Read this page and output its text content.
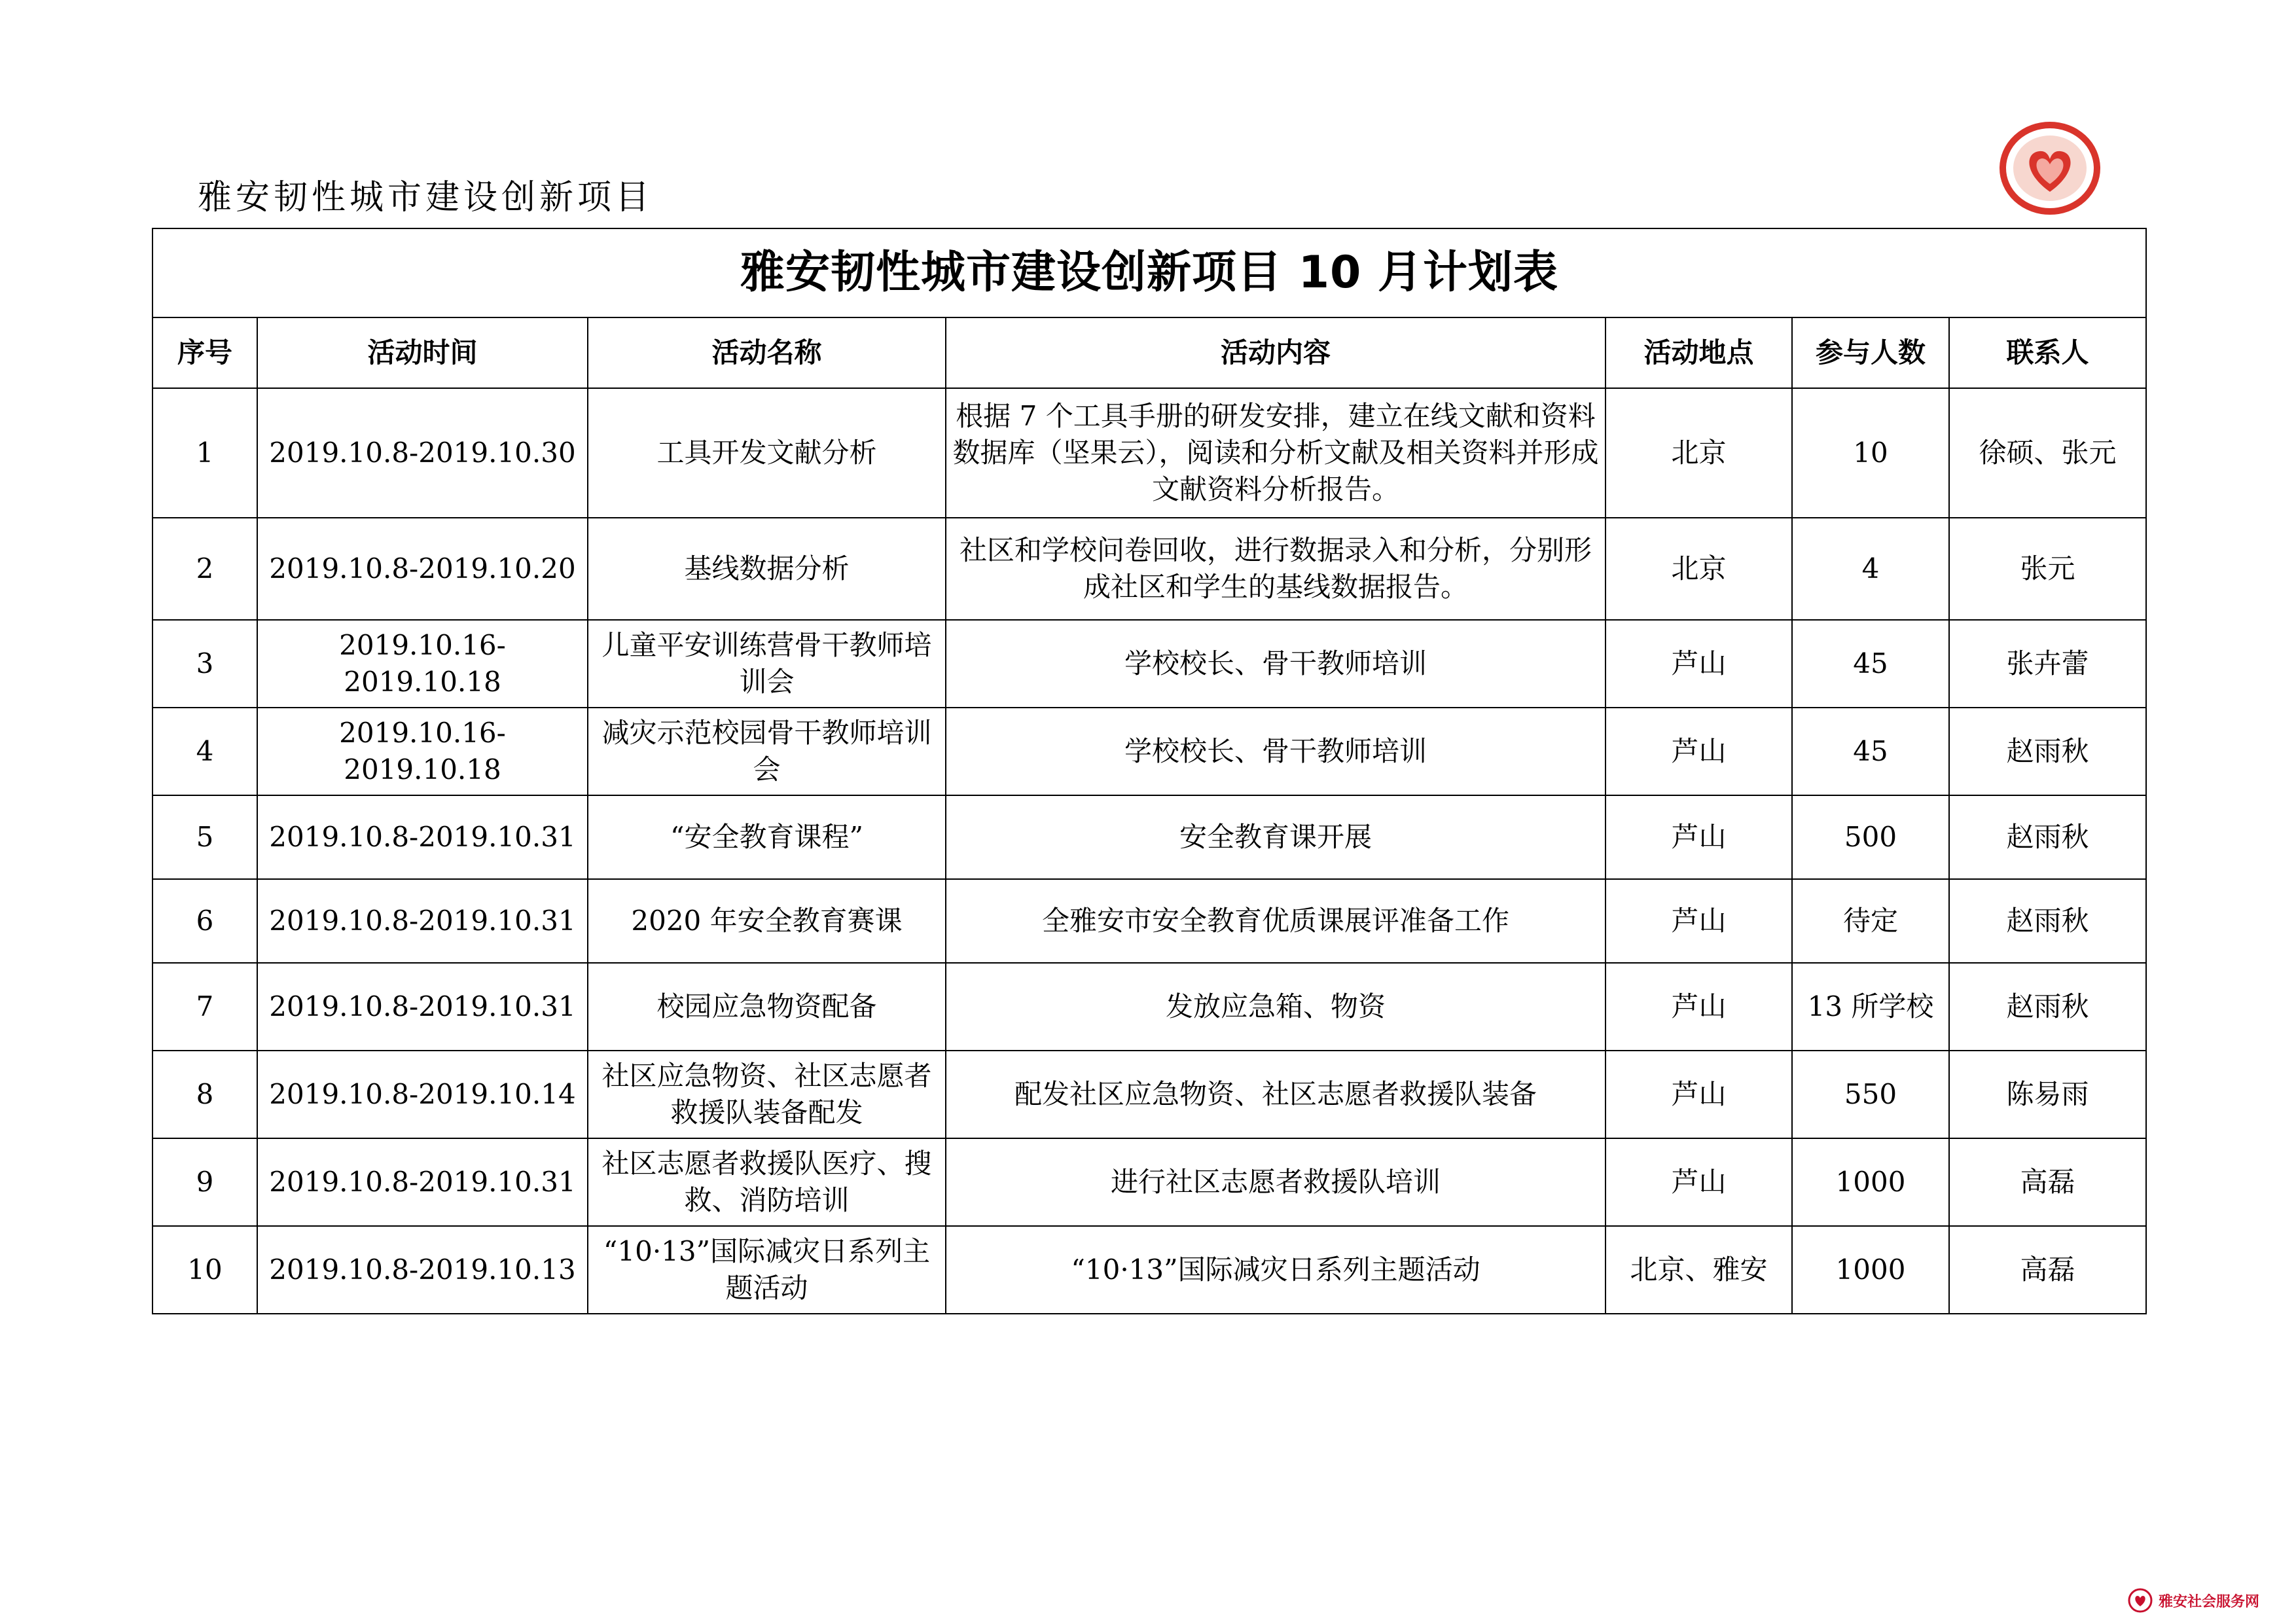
雅安韧性城市建设创新项目
雅安韧性城市建设创新项目 10 月计划表						
序号	活动时间	活动名称	活动内容	活动地点	参与人数	联系人
1	2019.10.8-2019.10.30	工具开发文献分析	根据 7 个工具手册的研发安排，建立在线文献和资料数据库（坚果云），阅读和分析文献及相关资料并形成文献资料分析报告。	北京	10	徐硕、张元
2	2019.10.8-2019.10.20	基线数据分析	社区和学校问卷回收，进行数据录入和分析，分别形成社区和学生的基线数据报告。	北京	4	张元
3	2019.10.16-2019.10.18	儿童平安训练营骨干教师培训会	学校校长、骨干教师培训	芦山	45	张卉蕾
4	2019.10.16-2019.10.18	减灾示范校园骨干教师培训会	学校校长、骨干教师培训	芦山	45	赵雨秋
5	2019.10.8-2019.10.31	“安全教育课程”	安全教育课开展	芦山	500	赵雨秋
6	2019.10.8-2019.10.31	2020 年安全教育赛课	全雅安市安全教育优质课展评准备工作	芦山	待定	赵雨秋
7	2019.10.8-2019.10.31	校园应急物资配备	发放应急箱、物资	芦山	13 所学校	赵雨秋
8	2019.10.8-2019.10.14	社区应急物资、社区志愿者救援队装备配发	配发社区应急物资、社区志愿者救援队装备	芦山	550	陈易雨
9	2019.10.8-2019.10.31	社区志愿者救援队医疗、搜救、消防培训	进行社区志愿者救援队培训	芦山	1000	高磊
10	2019.10.8-2019.10.13	“10·13”国际减灾日系列主题活动	“10·13”国际减灾日系列主题活动	北京、雅安	1000	高磊
雅安社会服务网
